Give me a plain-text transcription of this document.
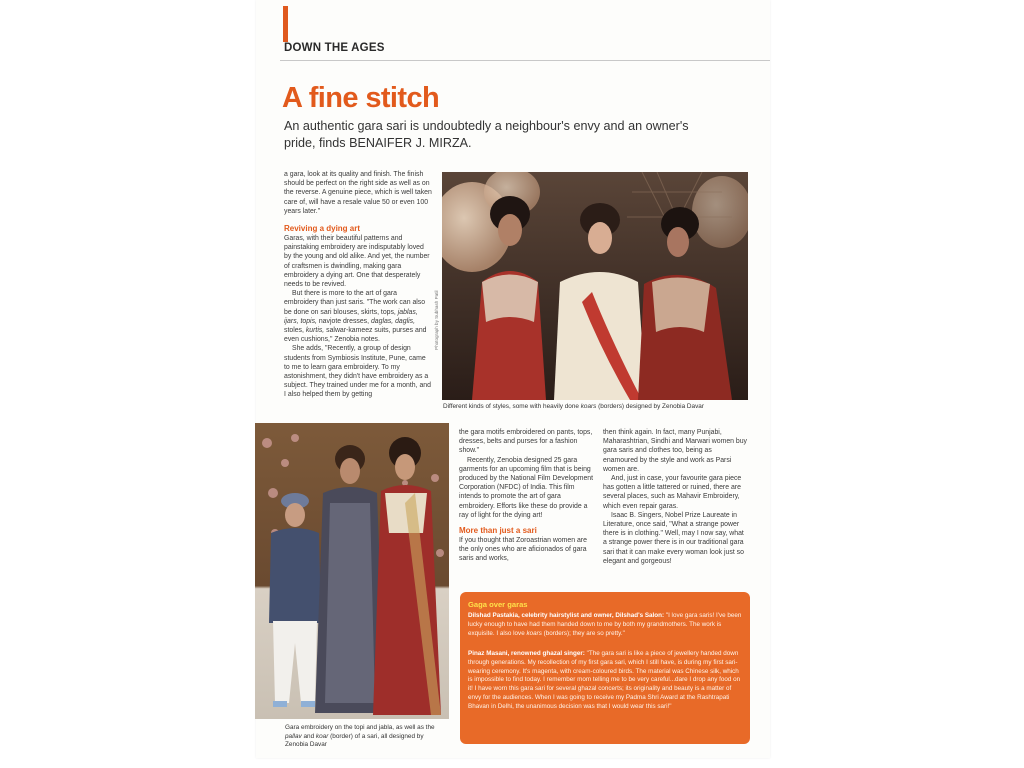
DOWN THE AGES
A fine stitch
An authentic gara sari is undoubtedly a neighbour's envy and an owner's pride, finds BENAIFER J. MIRZA.

a gara, look at its quality and finish. The finish should be perfect on the right side as well as on the reverse. A genuine piece, which is well taken care of, will have a resale value 50 or even 100 years later."

Reviving a dying art

Garas, with their beautiful patterns and painstaking embroidery are indisputably loved by the young and old alike. And yet, the number of craftsmen is dwindling, making gara embroidery a dying art. One that desperately needs to be revived.

But there is more to the art of gara embroidery than just saris. "The work can also be done on sari blouses, skirts, tops, jablas, ijars, topis, navjote dresses, daglas, daglis, stoles, kurtis, salwar-kameez suits, purses and even cushions," Zenobia notes.

She adds, "Recently, a group of design students from Symbiosis Institute, Pune, came to me to learn gara embroidery. To my astonishment, they didn't have embroidery as a subject. They trained under me for a month, and I also helped them by getting

Photograph by Subhash Patil
Different kinds of styles, some with heavily done koars (borders) designed by Zenobia Davar
Gara embroidery on the topi and jabla, as well as the pallav and koar (border) of a sari, all designed by Zenobia Davar

the gara motifs embroidered on pants, tops, dresses, belts and purses for a fashion show."

Recently, Zenobia designed 25 gara garments for an upcoming film that is being produced by the National Film Development Corporation (NFDC) of India. This film intends to promote the art of gara embroidery. Efforts like these do provide a ray of light for the dying art!

More than just a sari

If you thought that Zoroastrian women are the only ones who are aficionados of gara saris and works,

then think again. In fact, many Punjabi, Maharashtrian, Sindhi and Marwari women buy gara saris and clothes too, being as enamoured by the style and work as Parsi women are.

And, just in case, your favourite gara piece has gotten a little tattered or ruined, there are several places, such as Mahavir Embroidery, which even repair garas.

Isaac B. Singers, Nobel Prize Laureate in Literature, once said, "What a strange power there is in clothing." Well, may I now say, what a strange power there is in our traditional gara sari that it can make every woman look just so elegant and gorgeous!

Gaga over garas
Dilshad Pastakia, celebrity hairstylist and owner, Dilshad's Salon: "I love gara saris! I've been lucky enough to have had them handed down to me by both my grandmothers. The work is exquisite. I also love koars (borders); they are so pretty."
Pinaz Masani, renowned ghazal singer: "The gara sari is like a piece of jewellery handed down through generations. My recollection of my first gara sari, which I still have, is during my first sari-wearing ceremony. It's magenta, with cream-coloured birds. The material was Chinese silk, which is impossible to find today. I remember mom telling me to be very careful...dare I drop any food on it! I have worn this gara sari for several ghazal concerts; its originality and beauty is a matter of envy for the audiences. When I was going to receive my Padma Shri Award at the Rashtrapati Bhavan in Delhi, the unanimous decision was that I would wear this sari!"
